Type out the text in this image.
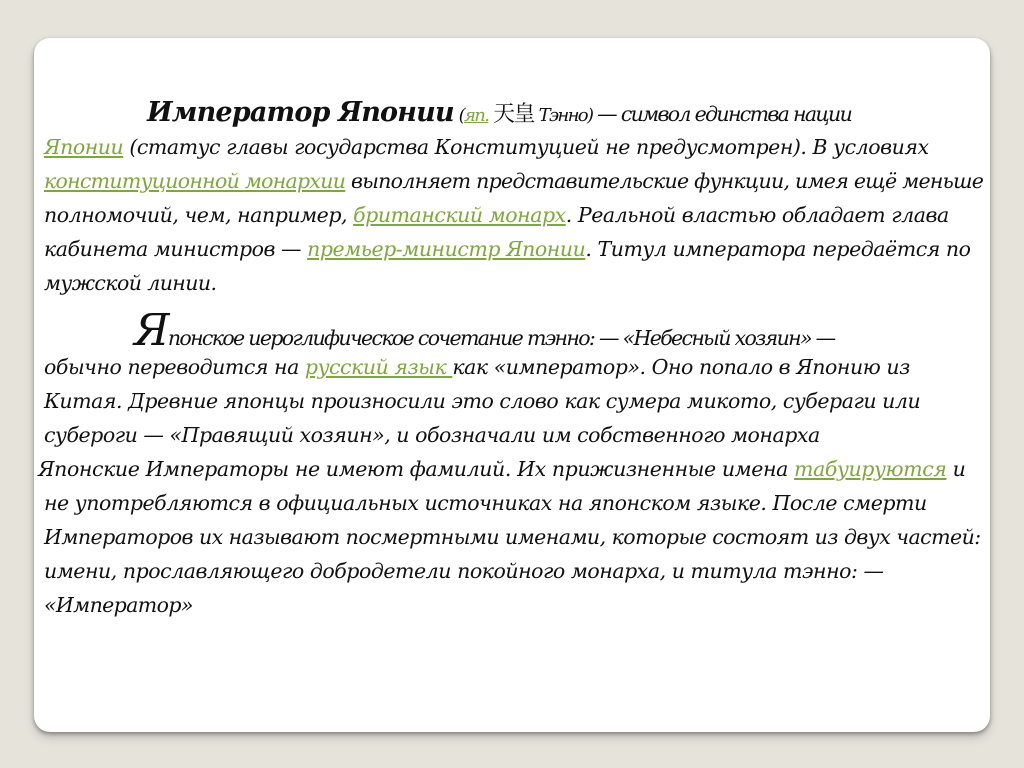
Император Японии (яп. 天皇 Тэнно) — символ единства нации
Японии (статус главы государства Конституцией не предусмотрен). В условиях
конституционной монархии выполняет представительские функции, имея ещё меньше
полномочий, чем, например, британский монарх. Реальной властью обладает глава
кабинета министров — премьер-министр Японии. Титул императора передаётся по
мужской линии.
Японское иероглифическое сочетание тэнно: — «Небесный хозяин» —
обычно переводится на русский язык как «император». Оно попало в Японию из
Китая. Древние японцы произносили это слово как сумера микото, субераги или
суберoги — «Правящий хозяин», и обозначали им собственного монарха
Японские Императоры не имеют фамилий. Их прижизненные имена табуируются и
не употребляются в официальных источниках на японском языке. После смерти
Императоров их называют посмертными именами, которые состоят из двух частей:
имени, прославляющего добродетели покойного монарха, и титула тэнно: —
«Император»
